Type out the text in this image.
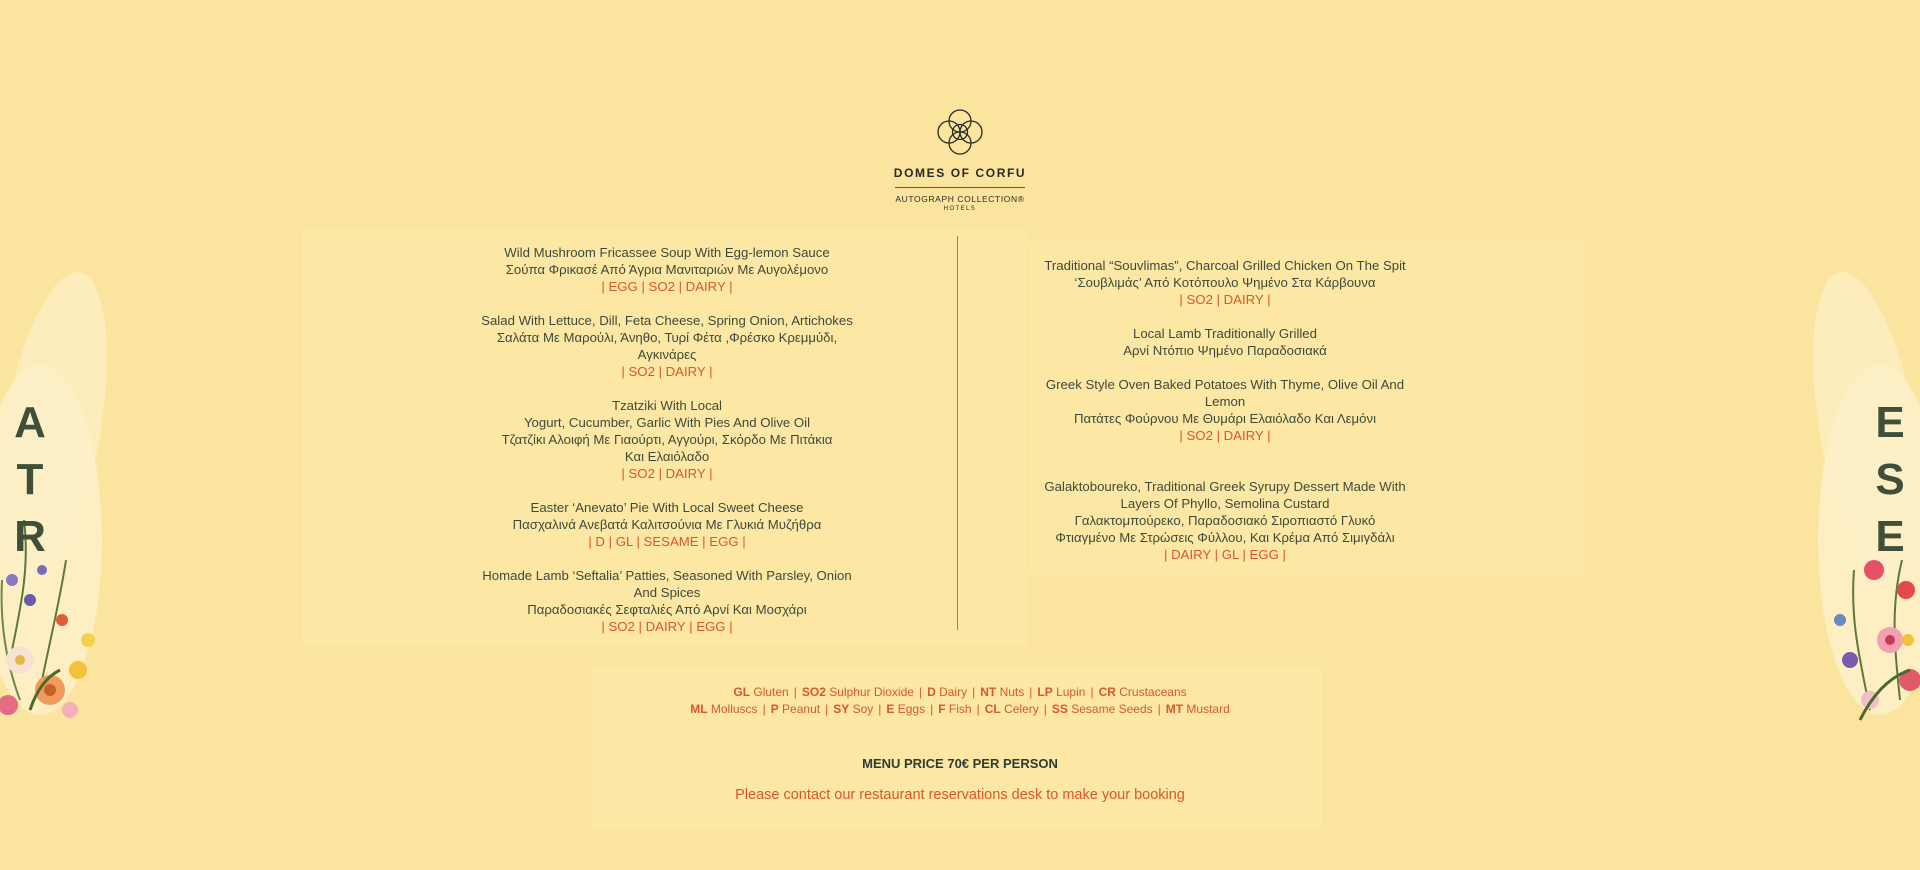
DOMES OF CORFU
AUTOGRAPH COLLECTION®
HOTELS
Wild Mushroom Fricassee Soup With Egg-lemon Sauce
Σούπα Φρικασέ Από Άγρια Μανιταριών Με Αυγολέμονο
| EGG | SO2 | DAIRY |
Salad With Lettuce, Dill, Feta Cheese, Spring Onion, Artichokes
Σαλάτα Με Μαρούλι, Άνηθο, Τυρί Φέτα ,Φρέσκο Κρεμμύδι,
Αγκινάρες
| SO2 | DAIRY |
Tzatziki With Local
Yogurt, Cucumber, Garlic With Pies And Olive Oil
Τζατζίκι Αλοιφή Με Γιαούρτι, Αγγούρι, Σκόρδο Με Πιτάκια
Και Ελαιόλαδο
| SO2 | DAIRY |
Easter ‘Anevato’ Pie With Local Sweet Cheese
Πασχαλινά Ανεβατά Καλιτσούνια Με Γλυκιά Μυζήθρα
| D | GL | SESAME | EGG |
Homade Lamb ‘Seftalia’ Patties, Seasoned With Parsley, Onion
And Spices
Παραδοσιακές Σεφταλιές Από Αρνί Και Μοσχάρι
| SO2 | DAIRY | EGG |
Traditional “Souvlimas”, Charcoal Grilled Chicken On The Spit
‘Σουβλιμάς’ Από Κοτόπουλο Ψημένο Στα Κάρβουνα
| SO2 | DAIRY |
Local Lamb Traditionally Grilled
Αρνί Ντόπιο Ψημένο Παραδοσιακά
Greek Style Oven Baked Potatoes With Thyme, Olive Oil And
Lemon
Πατάτες Φούρνου Με Θυμάρι Ελαιόλαδο Και Λεμόνι
| SO2 | DAIRY |
Galaktoboureko, Traditional Greek Syrupy Dessert Made With
Layers Of Phyllo, Semolina Custard
Γαλακτομπούρεκο, Παραδοσιακό Σιροπιαστό Γλυκό
Φτιαγμένο Με Στρώσεις Φύλλου, Και Κρέμα Από Σιμιγδάλι
| DAIRY | GL | EGG |
GL Gluten | SO2 Sulphur Dioxide | D Dairy | NT Nuts | LP Lupin | CR Crustaceans
ML Molluscs | P Peanut | SY Soy | E Eggs | F Fish | CL Celery | SS Sesame Seeds | MT Mustard
MENU PRICE 70€ PER PERSON
Please contact our restaurant reservations desk to make your booking
A
T
R
E
S
E
